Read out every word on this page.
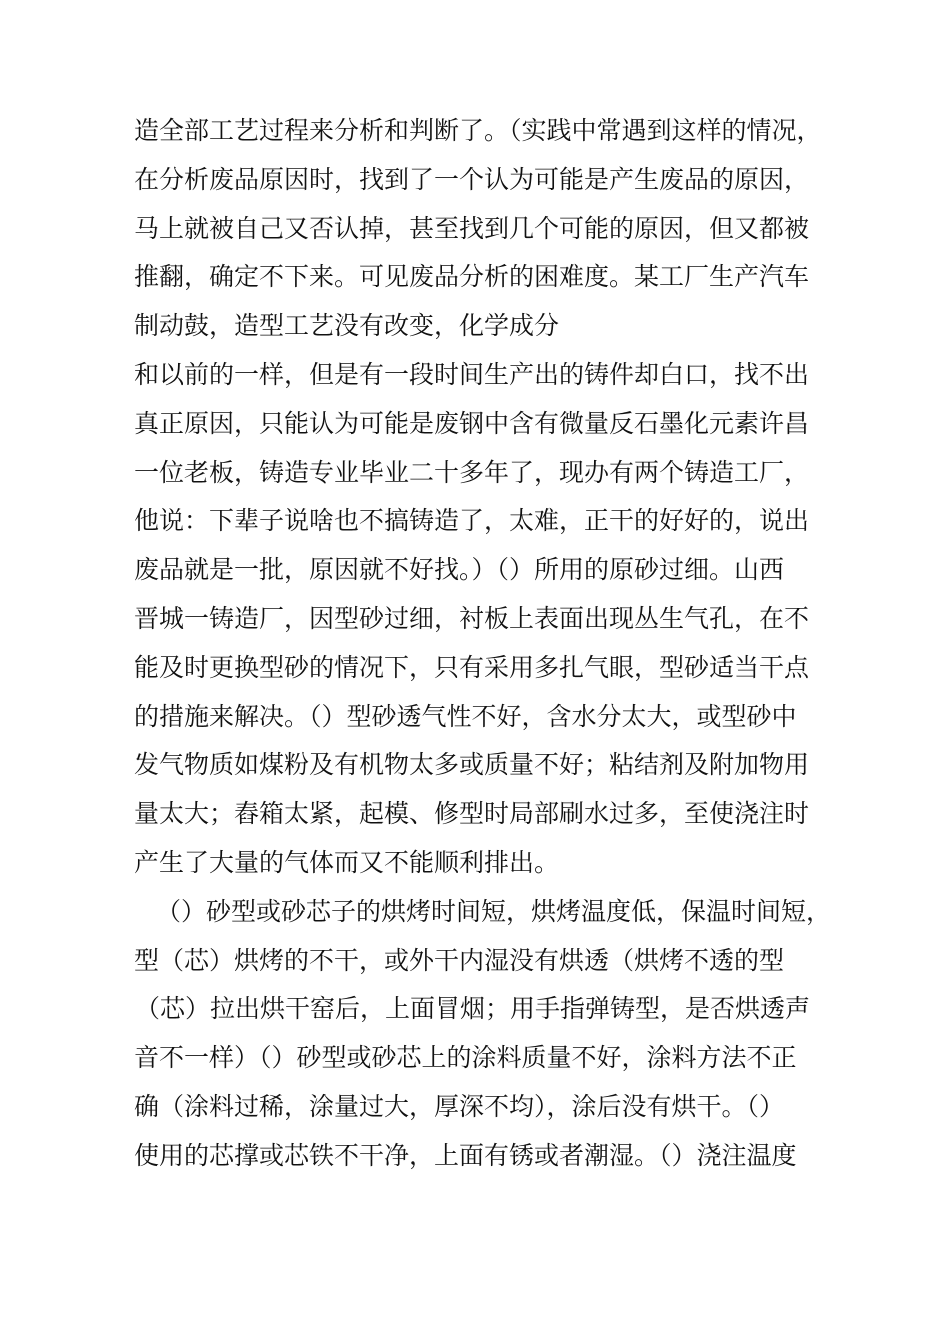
造全部工艺过程来分析和判断了。（实践中常遇到这样的情况，
在分析废品原因时，找到了一个认为可能是产生废品的原因，
马上就被自己又否认掉，甚至找到几个可能的原因，但又都被
推翻，确定不下来。可见废品分析的困难度。某工厂生产汽车
制动鼓，造型工艺没有改变，化学成分
和以前的一样，但是有一段时间生产出的铸件却白口，找不出
真正原因，只能认为可能是废钢中含有微量反石墨化元素许昌
一位老板，铸造专业毕业二十多年了，现办有两个铸造工厂，
他说：下辈子说啥也不搞铸造了，太难，正干的好好的，说出
废品就是一批，原因就不好找。）（）所用的原砂过细。山西
晋城一铸造厂，因型砂过细，衬板上表面出现丛生气孔，在不
能及时更换型砂的情况下，只有采用多扎气眼，型砂适当干点
的措施来解决。（）型砂透气性不好，含水分太大，或型砂中
发气物质如煤粉及有机物太多或质量不好；粘结剂及附加物用
量太大；舂箱太紧，起模、修型时局部刷水过多，至使浇注时
产生了大量的气体而又不能顺利排出。
（）砂型或砂芯子的烘烤时间短，烘烤温度低，保温时间短，
型（芯）烘烤的不干，或外干内湿没有烘透（烘烤不透的型
（芯）拉出烘干窑后，上面冒烟；用手指弹铸型，是否烘透声
音不一样）（）砂型或砂芯上的涂料质量不好，涂料方法不正
确（涂料过稀，涂量过大，厚深不均），涂后没有烘干。（）
使用的芯撑或芯铁不干净，上面有锈或者潮湿。（）浇注温度
